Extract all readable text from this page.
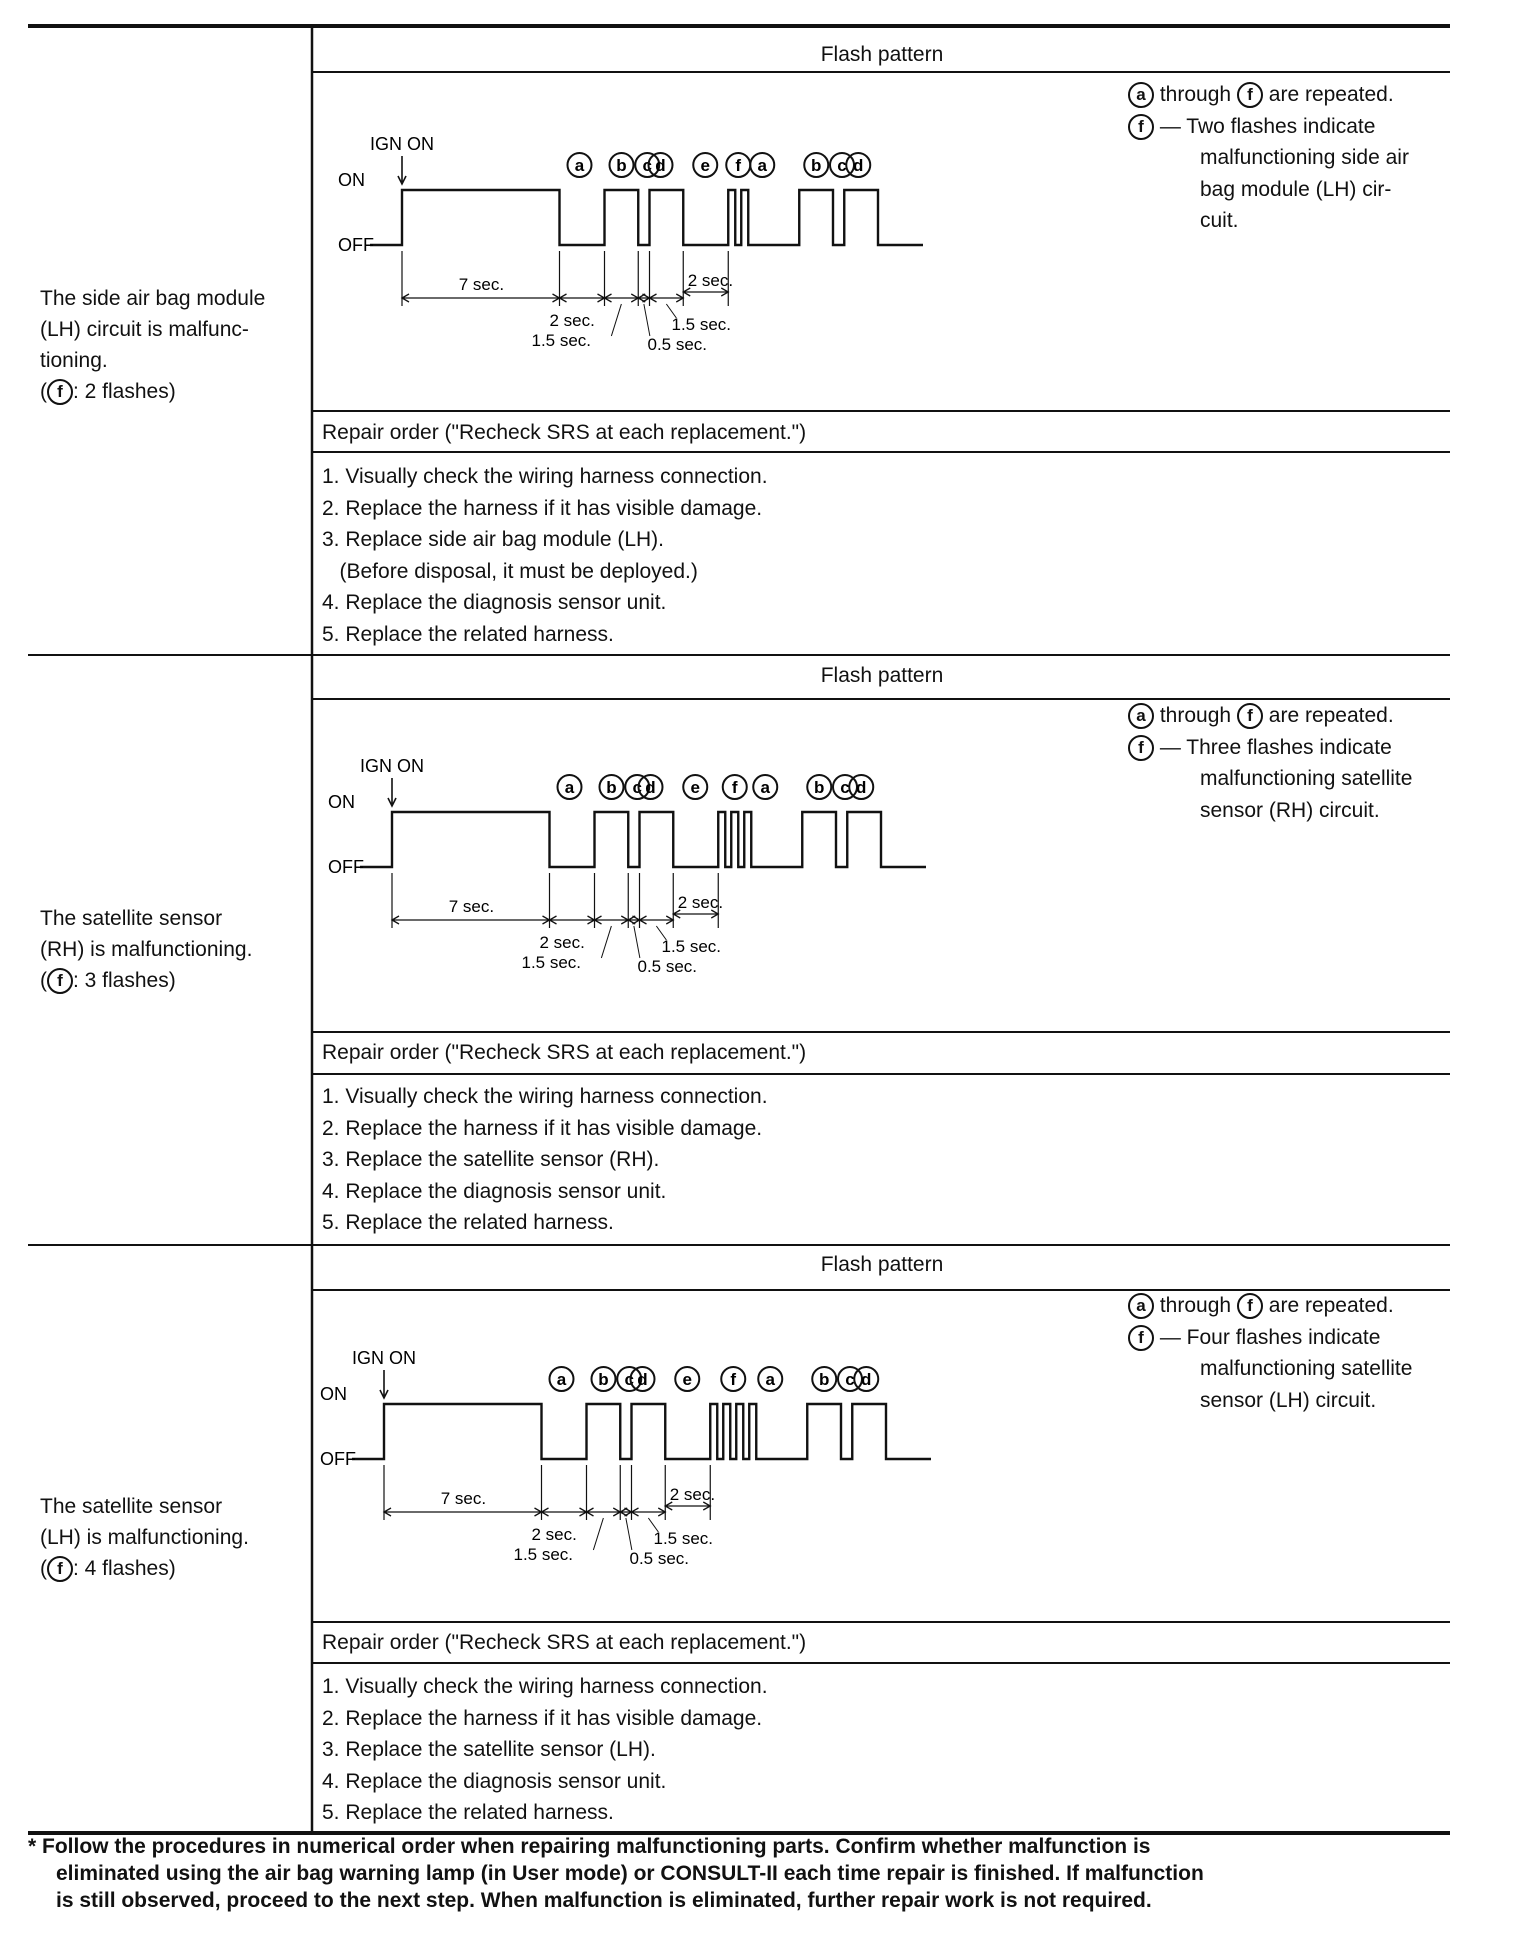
The side air bag module
(LH) circuit is malfunc-
tioning.
( f : 2 flashes)
Flash pattern
a through f are repeated.
f — Two flashes indicate
malfunctioning side air
bag module (LH) cir-
cuit.
Repair order ("Recheck SRS at each replacement.")
1. Visually check the wiring harness connection.
2. Replace the harness if it has visible damage.
3. Replace side air bag module (LH).
(Before disposal, it must be deployed.)
4. Replace the diagnosis sensor unit.
5. Replace the related harness.
The satellite sensor
(RH) is malfunctioning.
( f : 3 flashes)
Flash pattern
a through f are repeated.
f — Three flashes indicate
malfunctioning satellite
sensor (RH) circuit.
Repair order ("Recheck SRS at each replacement.")
1. Visually check the wiring harness connection.
2. Replace the harness if it has visible damage.
3. Replace the satellite sensor (RH).
4. Replace the diagnosis sensor unit.
5. Replace the related harness.
The satellite sensor
(LH) is malfunctioning.
( f : 4 flashes)
Flash pattern
a through f are repeated.
f — Four flashes indicate
malfunctioning satellite
sensor (LH) circuit.
Repair order ("Recheck SRS at each replacement.")
1. Visually check the wiring harness connection.
2. Replace the harness if it has visible damage.
3. Replace the satellite sensor (LH).
4. Replace the diagnosis sensor unit.
5. Replace the related harness.
ON
OFF
IGN ON
a b c d e f a	b c d
7 sec.	2 sec.
2 sec.
1.5 sec.	0.5 sec.
1.5 sec.
ON
OFF
IGN ON
a b c d e f a	b c d
7 sec.	2 sec.
2 sec.
1.5 sec.	0.5 sec.
1.5 sec.
ON
OFF
IGN ON
a b c d e f a	b c d
7 sec.	2 sec.
2 sec.
1.5 sec.	0.5 sec.
1.5 sec.
* Follow the procedures in numerical order when repairing malfunctioning parts. Confirm whether malfunction is
eliminated using the air bag warning lamp (in User mode) or CONSULT-II each time repair is finished. If malfunction
is still observed, proceed to the next step. When malfunction is eliminated, further repair work is not required.
